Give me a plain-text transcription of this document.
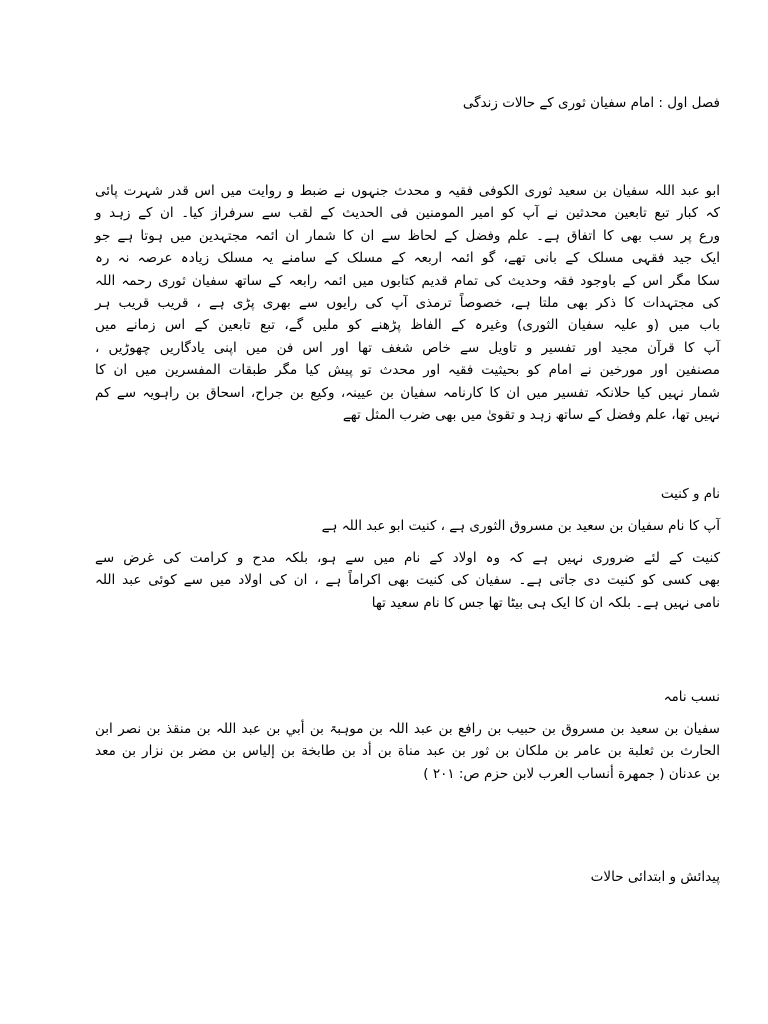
فصل اول : امام سفیان ثوری کے حالات زندگی
ابو عبد اللہ سفیان بن سعید ثوری الکوفی فقیہ و محدث جنہوں نے ضبط و روایت میں اس قدر شہرت پائی
کہ کبار تبع تابعین محدثین نے آپ کو امیر المومنین فی الحدیث کے لقب سے سرفراز کیا۔ ان کے زہد و
ورع پر سب بھی کا اتفاق ہے۔ علم وفضل کے لحاظ سے ان کا شمار ان ائمہ مجتہدین میں ہوتا ہے جو
ایک جید فقہی مسلک کے بانی تھے، گو ائمہ اربعہ کے مسلک کے سامنے یہ مسلک زیادہ عرصہ نہ رہ
سکا مگر اس کے باوجود فقہ وحدیث کی تمام قدیم کتابوں میں ائمہ رابعہ کے ساتھ سفیان ثوری رحمہ اللہ
کی مجتہدات کا ذکر بھی ملتا ہے، خصوصاً ترمذی آپ کی رایوں سے بھری پڑی ہے ، قریب قریب ہر
باب میں (و علیہ سفیان الثوری) وغیرہ کے الفاظ پڑھنے کو ملیں گے، تبع تابعین کے اس زمانے میں
آپ کا قرآن مجید اور تفسیر و تاویل سے خاص شغف تھا اور اس فن میں اپنی یادگاریں چھوڑیں ،
مصنفین اور مورخین نے امام کو بحیثیت فقیہ اور محدث تو پیش کیا مگر طبقات المفسرین میں ان کا
شمار نہیں کیا حلانکہ تفسیر میں ان کا کارنامہ سفیان بن عیینہ، وکیع بن جراح، اسحاق بن راہویہ سے کم
نہیں تھا، علم وفضل کے ساتھ زہد و تقویٰ میں بھی ضرب المثل تھے
نام و کنیت
آپ کا نام سفیان بن سعید بن مسروق الثوری ہے ، کنیت ابو عبد اللہ ہے
کنیت کے لئے ضروری نہیں ہے کہ وہ اولاد کے نام میں سے ہو، بلکہ مدح و کرامت کی غرض سے
بھی کسی کو کنیت دی جاتی ہے۔ سفیان کی کنیت بھی اکراماً ہے ، ان کی اولاد میں سے کوئی عبد اللہ
نامی نہیں ہے۔ بلکہ ان کا ایک ہی بیٹا تھا جس کا نام سعید تھا
نسب نامہ
سفیان بن سعید بن مسروق بن حبیب بن رافع بن عبد اللہ بن موہبۃ بن أبي بن عبد اللہ بن منقذ بن نصر ابن
الحارث بن ثعلبة بن عامر بن ملكان بن ثور بن عبد مناة بن أد بن طابخة بن إلياس بن مضر بن نزار بن معد
بن عدنان ( جمهرة أنساب العرب لابن حزم ص: ۲۰۱ )
پیدائش و ابتدائی حالات
